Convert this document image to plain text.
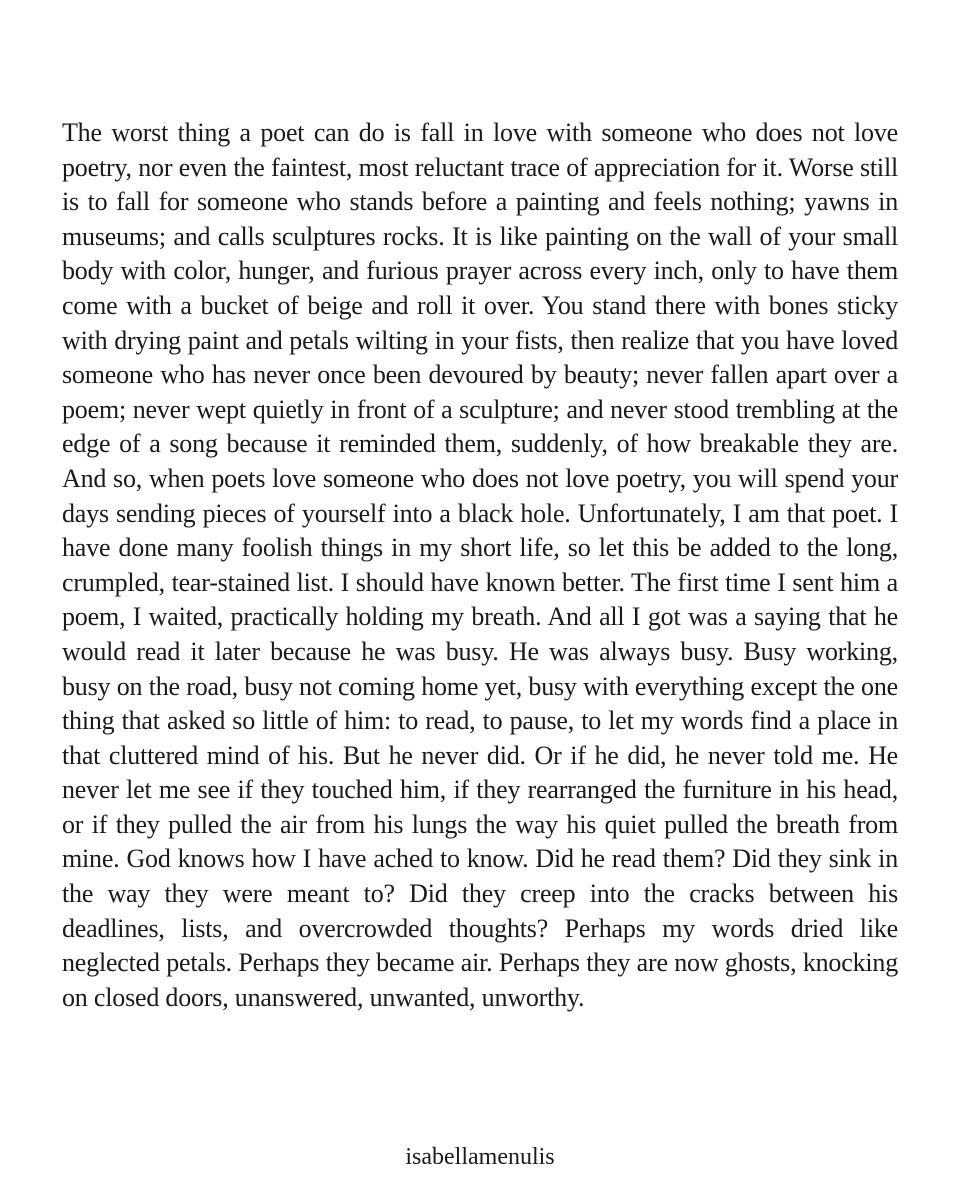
The worst thing a poet can do is fall in love with someone who does not love poetry, nor even the faintest, most reluctant trace of appreciation for it. Worse still is to fall for someone who stands before a painting and feels nothing; yawns in museums; and calls sculptures rocks. It is like painting on the wall of your small body with color, hunger, and furious prayer across every inch, only to have them come with a bucket of beige and roll it over. You stand there with bones sticky with drying paint and petals wilting in your fists, then realize that you have loved someone who has never once been devoured by beauty; never fallen apart over a poem; never wept quietly in front of a sculpture; and never stood trembling at the edge of a song because it reminded them, suddenly, of how breakable they are. And so, when poets love someone who does not love poetry, you will spend your days sending pieces of yourself into a black hole. Unfortunately, I am that poet. I have done many foolish things in my short life, so let this be added to the long, crumpled, tear-stained list. I should have known better. The first time I sent him a poem, I waited, practically holding my breath. And all I got was a saying that he would read it later because he was busy. He was always busy. Busy working, busy on the road, busy not coming home yet, busy with everything except the one thing that asked so little of him: to read, to pause, to let my words find a place in that cluttered mind of his. But he never did. Or if he did, he never told me. He never let me see if they touched him, if they rearranged the furniture in his head, or if they pulled the air from his lungs the way his quiet pulled the breath from mine. God knows how I have ached to know. Did he read them? Did they sink in the way they were meant to? Did they creep into the cracks between his deadlines, lists, and overcrowded thoughts? Perhaps my words dried like neglected petals. Perhaps they became air. Perhaps they are now ghosts, knocking on closed doors, unanswered, unwanted, unworthy.

isabellamenulis
